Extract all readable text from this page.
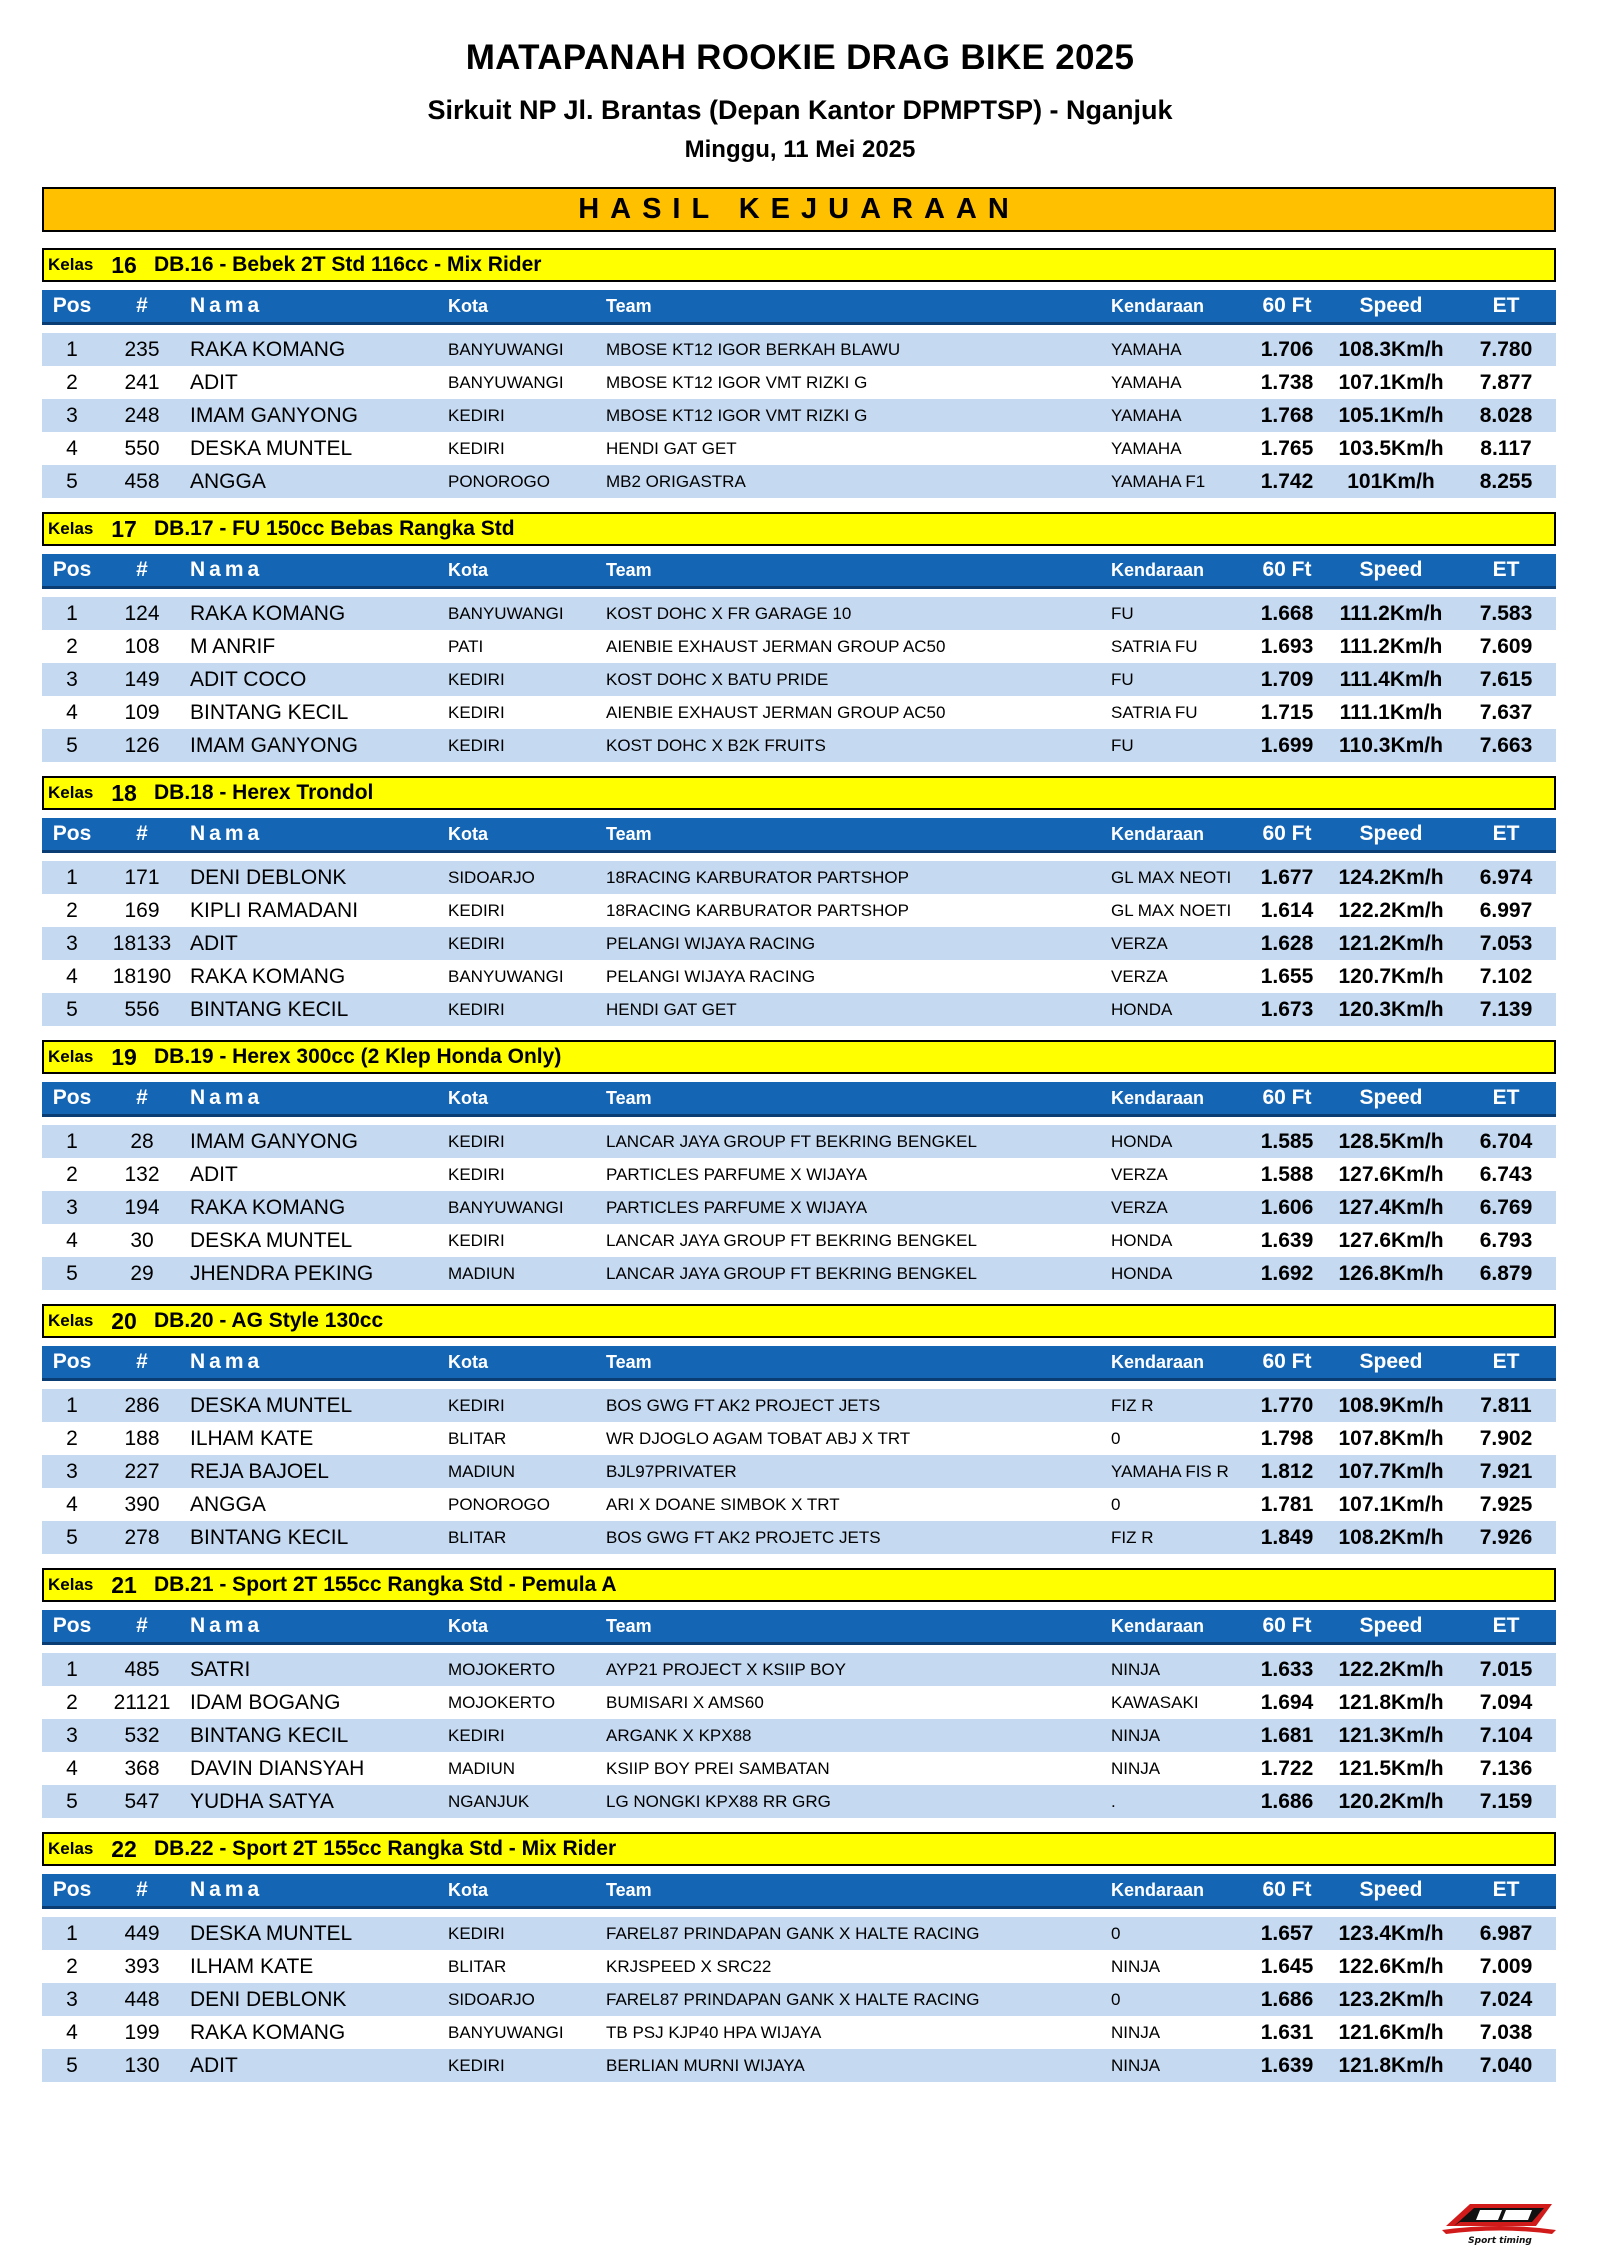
MATAPANAH ROOKIE DRAG BIKE 2025
Sirkuit NP Jl. Brantas (Depan Kantor DPMPTSP) - Nganjuk
Minggu, 11 Mei 2025
HASIL KEJUARAAN
Kelas 16 DB.16 - Bebek 2T Std 116cc - Mix Rider
Pos	#	Nama	Kota	Team	Kendaraan	60 Ft	Speed	ET
1	235	RAKA KOMANG	BANYUWANGI	MBOSE KT12 IGOR BERKAH BLAWU	YAMAHA	1.706	108.3Km/h	7.780
2	241	ADIT	BANYUWANGI	MBOSE KT12 IGOR VMT RIZKI G	YAMAHA	1.738	107.1Km/h	7.877
3	248	IMAM GANYONG	KEDIRI	MBOSE KT12 IGOR VMT RIZKI G	YAMAHA	1.768	105.1Km/h	8.028
4	550	DESKA MUNTEL	KEDIRI	HENDI GAT GET	YAMAHA	1.765	103.5Km/h	8.117
5	458	ANGGA	PONOROGO	MB2 ORIGASTRA	YAMAHA F1	1.742	101Km/h	8.255
Kelas 17 DB.17 - FU 150cc Bebas Rangka Std
Pos	#	Nama	Kota	Team	Kendaraan	60 Ft	Speed	ET
1	124	RAKA KOMANG	BANYUWANGI	KOST DOHC X FR GARAGE 10	FU	1.668	111.2Km/h	7.583
2	108	M ANRIF	PATI	AIENBIE EXHAUST JERMAN GROUP AC50	SATRIA FU	1.693	111.2Km/h	7.609
3	149	ADIT COCO	KEDIRI	KOST DOHC X BATU PRIDE	FU	1.709	111.4Km/h	7.615
4	109	BINTANG KECIL	KEDIRI	AIENBIE EXHAUST JERMAN GROUP AC50	SATRIA FU	1.715	111.1Km/h	7.637
5	126	IMAM GANYONG	KEDIRI	KOST DOHC X B2K FRUITS	FU	1.699	110.3Km/h	7.663
Kelas 18 DB.18 - Herex Trondol
Pos	#	Nama	Kota	Team	Kendaraan	60 Ft	Speed	ET
1	171	DENI DEBLONK	SIDOARJO	18RACING KARBURATOR PARTSHOP	GL MAX NEOTI	1.677	124.2Km/h	6.974
2	169	KIPLI RAMADANI	KEDIRI	18RACING KARBURATOR PARTSHOP	GL MAX NOETI	1.614	122.2Km/h	6.997
3	18133 ADIT	KEDIRI	PELANGI WIJAYA RACING	VERZA	1.628	121.2Km/h	7.053
4	18190 RAKA KOMANG	BANYUWANGI	PELANGI WIJAYA RACING	VERZA	1.655	120.7Km/h	7.102
5	556	BINTANG KECIL	KEDIRI	HENDI GAT GET	HONDA	1.673	120.3Km/h	7.139
Kelas 19 DB.19 - Herex 300cc (2 Klep Honda Only)
Pos	#	Nama	Kota	Team	Kendaraan	60 Ft	Speed	ET
1	28	IMAM GANYONG	KEDIRI	LANCAR JAYA GROUP FT BEKRING BENGKEL	HONDA	1.585	128.5Km/h	6.704
2	132	ADIT	KEDIRI	PARTICLES PARFUME X WIJAYA	VERZA	1.588	127.6Km/h	6.743
3	194	RAKA KOMANG	BANYUWANGI	PARTICLES PARFUME X WIJAYA	VERZA	1.606	127.4Km/h	6.769
4	30	DESKA MUNTEL	KEDIRI	LANCAR JAYA GROUP FT BEKRING BENGKEL	HONDA	1.639	127.6Km/h	6.793
5	29	JHENDRA PEKING	MADIUN	LANCAR JAYA GROUP FT BEKRING BENGKEL	HONDA	1.692	126.8Km/h	6.879
Kelas 20 DB.20 - AG Style 130cc
Pos	#	Nama	Kota	Team	Kendaraan	60 Ft	Speed	ET
1	286	DESKA MUNTEL	KEDIRI	BOS GWG FT AK2 PROJECT JETS	FIZ R	1.770	108.9Km/h	7.811
2	188	ILHAM KATE	BLITAR	WR DJOGLO AGAM TOBAT ABJ X TRT	0	1.798	107.8Km/h	7.902
3	227	REJA BAJOEL	MADIUN	BJL97PRIVATER	YAMAHA FIS R	1.812	107.7Km/h	7.921
4	390	ANGGA	PONOROGO	ARI X DOANE SIMBOK X TRT	0	1.781	107.1Km/h	7.925
5	278	BINTANG KECIL	BLITAR	BOS GWG FT AK2 PROJETC JETS	FIZ R	1.849	108.2Km/h	7.926
Kelas 21 DB.21 - Sport 2T 155cc Rangka Std - Pemula A
Pos	#	Nama	Kota	Team	Kendaraan	60 Ft	Speed	ET
1	485	SATRI	MOJOKERTO	AYP21 PROJECT X KSIIP BOY	NINJA	1.633	122.2Km/h	7.015
2	21121 IDAM BOGANG	MOJOKERTO	BUMISARI X AMS60	KAWASAKI	1.694	121.8Km/h	7.094
3	532	BINTANG KECIL	KEDIRI	ARGANK X KPX88	NINJA	1.681	121.3Km/h	7.104
4	368	DAVIN DIANSYAH	MADIUN	KSIIP BOY PREI SAMBATAN	NINJA	1.722	121.5Km/h	7.136
5	547	YUDHA SATYA	NGANJUK	LG NONGKI KPX88 RR GRG	.	1.686	120.2Km/h	7.159
Kelas 22 DB.22 - Sport 2T 155cc Rangka Std - Mix Rider
Pos	#	Nama	Kota	Team	Kendaraan	60 Ft	Speed	ET
1	449	DESKA MUNTEL	KEDIRI	FAREL87 PRINDAPAN GANK X HALTE RACING	0	1.657	123.4Km/h	6.987
2	393	ILHAM KATE	BLITAR	KRJSPEED X SRC22	NINJA	1.645	122.6Km/h	7.009
3	448	DENI DEBLONK	SIDOARJO	FAREL87 PRINDAPAN GANK X HALTE RACING	0	1.686	123.2Km/h	7.024
4	199	RAKA KOMANG	BANYUWANGI	TB PSJ KJP40 HPA WIJAYA	NINJA	1.631	121.6Km/h	7.038
5	130	ADIT	KEDIRI	BERLIAN MURNI WIJAYA	NINJA	1.639	121.8Km/h	7.040
Sport timing
